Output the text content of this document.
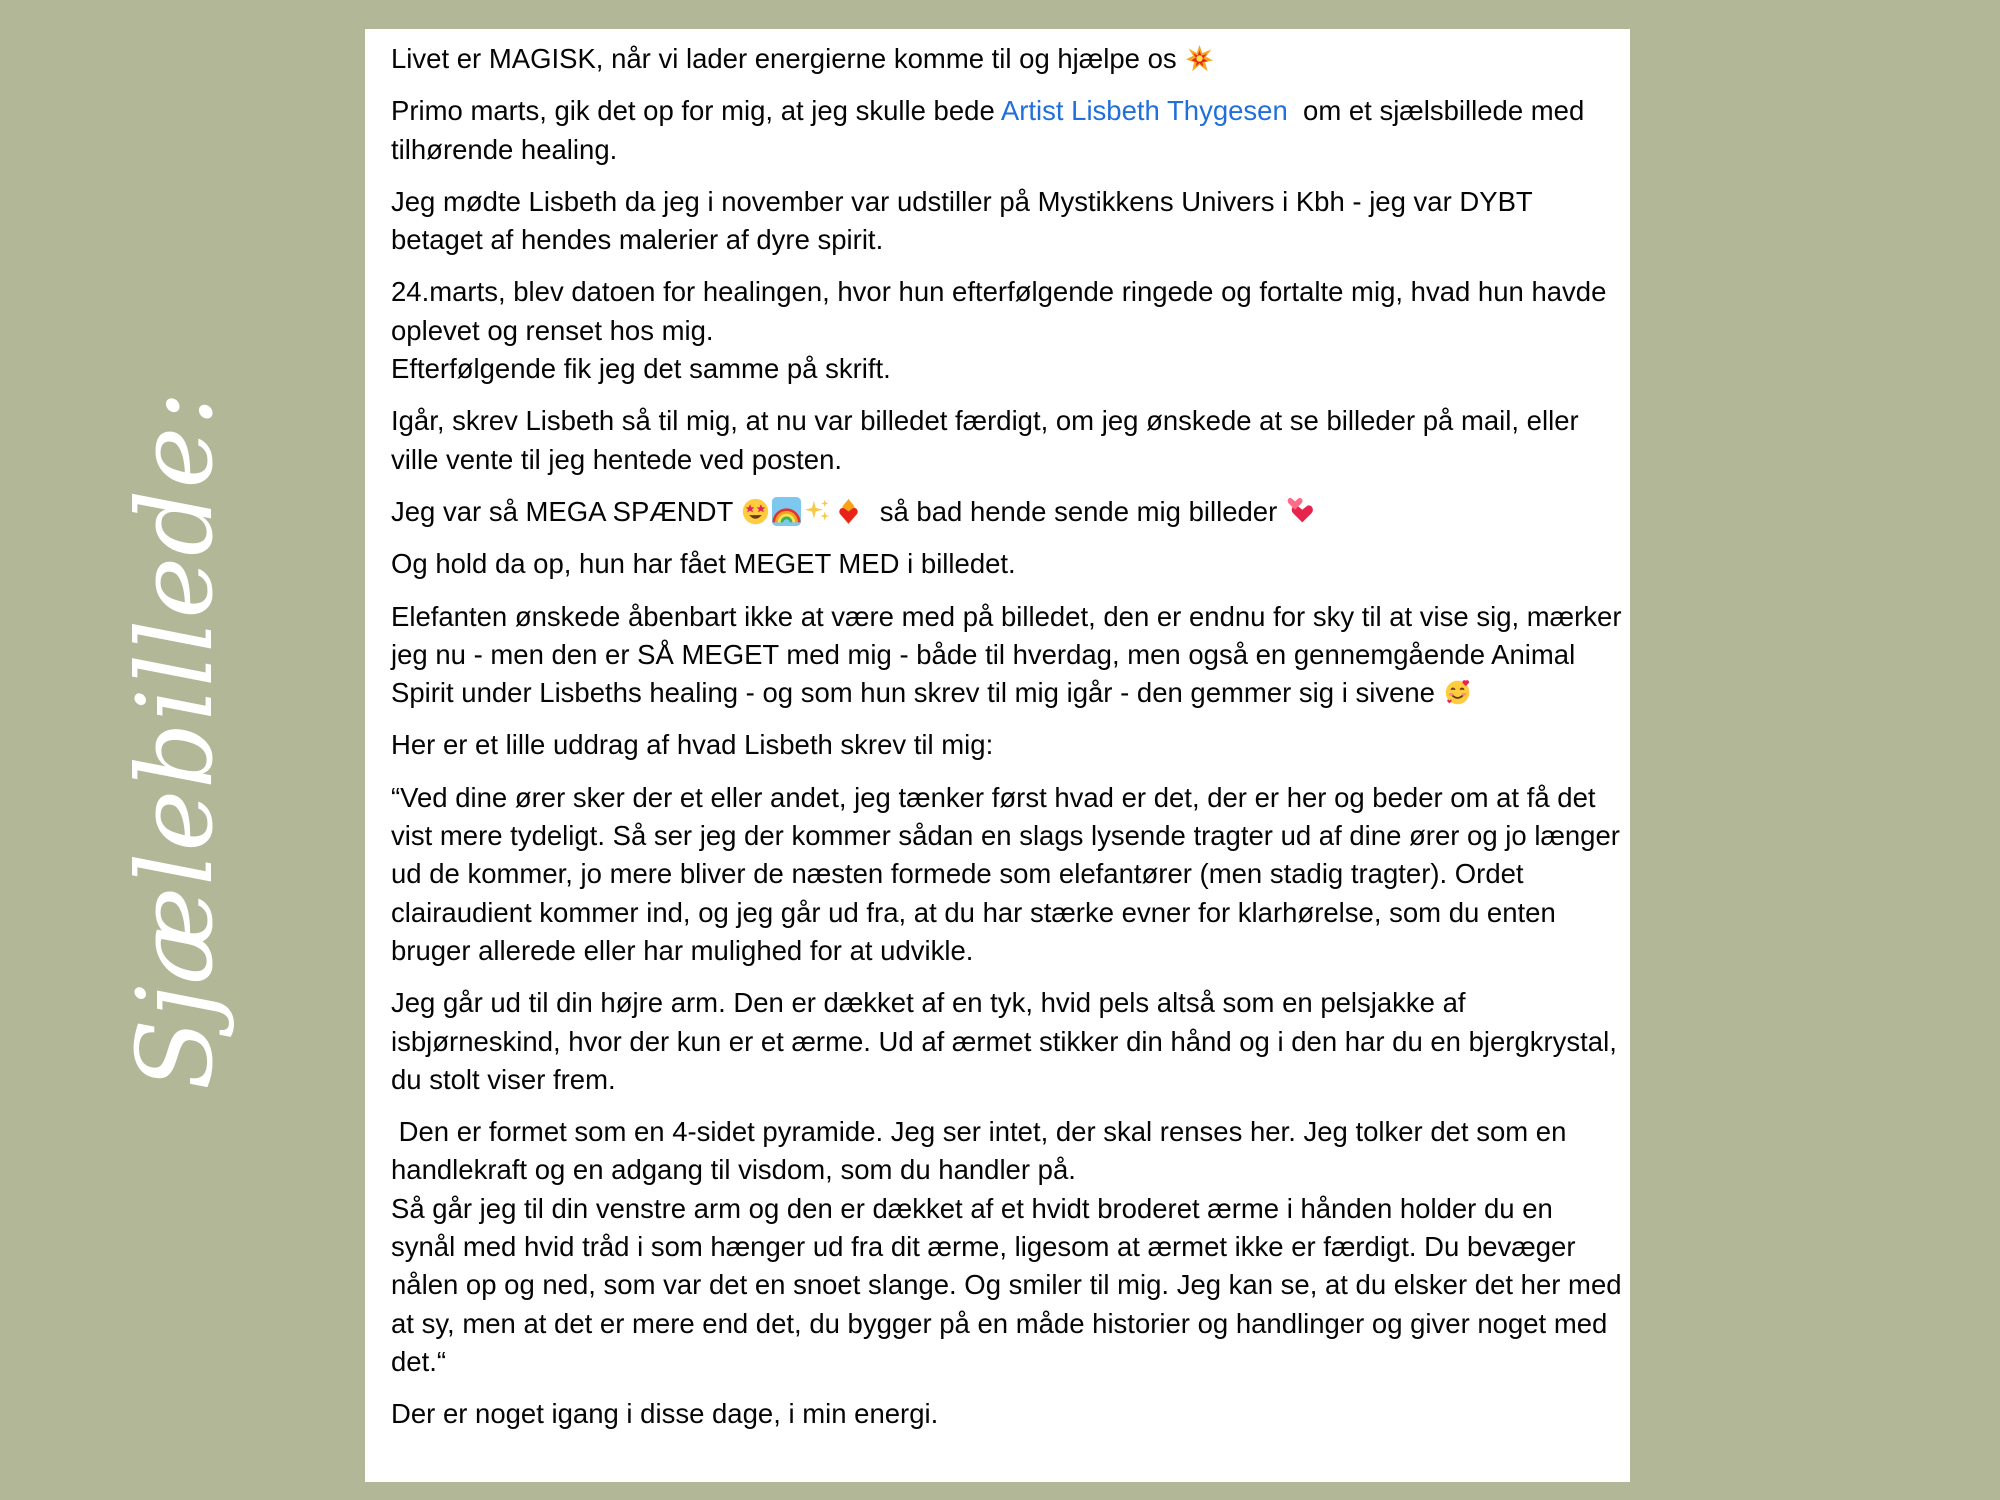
Sjælebillede:

Livet er MAGISK, når vi lader energierne komme til og hjælpe os

Primo marts, gik det op for mig, at jeg skulle bede Artist Lisbeth Thygesen  om et sjælsbillede med tilhørende healing.

Jeg mødte Lisbeth da jeg i november var udstiller på Mystikkens Univers i Kbh - jeg var DYBT betaget af hendes malerier af dyre spirit.

24.marts, blev datoen for healingen, hvor hun efterfølgende ringede og fortalte mig, hvad hun havde oplevet og renset hos mig.
Efterfølgende fik jeg det samme på skrift.

Igår, skrev Lisbeth så til mig, at nu var billedet færdigt, om jeg ønskede at se billeder på mail, eller ville vente til jeg hentede ved posten.

Jeg var så MEGA SPÆNDT	så bad hende sende mig billeder

Og hold da op, hun har fået MEGET MED i billedet.

Elefanten ønskede åbenbart ikke at være med på billedet, den er endnu for sky til at vise sig, mærker jeg nu - men den er SÅ MEGET med mig - både til hverdag, men også en gennemgående Animal Spirit under Lisbeths healing - og som hun skrev til mig igår - den gemmer sig i sivene

Her er et lille uddrag af hvad Lisbeth skrev til mig:

“Ved dine ører sker der et eller andet, jeg tænker først hvad er det, der er her og beder om at få det vist mere tydeligt. Så ser jeg der kommer sådan en slags lysende tragter ud af dine ører og jo længer ud de kommer, jo mere bliver de næsten formede som elefantører (men stadig tragter). Ordet clairaudient kommer ind, og jeg går ud fra, at du har stærke evner for klarhørelse, som du enten bruger allerede eller har mulighed for at udvikle.

Jeg går ud til din højre arm. Den er dækket af en tyk, hvid pels altså som en pelsjakke af isbjørneskind, hvor der kun er et ærme. Ud af ærmet stikker din hånd og i den har du en bjergkrystal, du stolt viser frem.

Den er formet som en 4-sidet pyramide. Jeg ser intet, der skal renses her. Jeg tolker det som en handlekraft og en adgang til visdom, som du handler på.
Så går jeg til din venstre arm og den er dækket af et hvidt broderet ærme i hånden holder du en synål med hvid tråd i som hænger ud fra dit ærme, ligesom at ærmet ikke er færdigt. Du bevæger nålen op og ned, som var det en snoet slange. Og smiler til mig. Jeg kan se, at du elsker det her med at sy, men at det er mere end det, du bygger på en måde historier og handlinger og giver noget med det.“

Der er noget igang i disse dage, i min energi.
